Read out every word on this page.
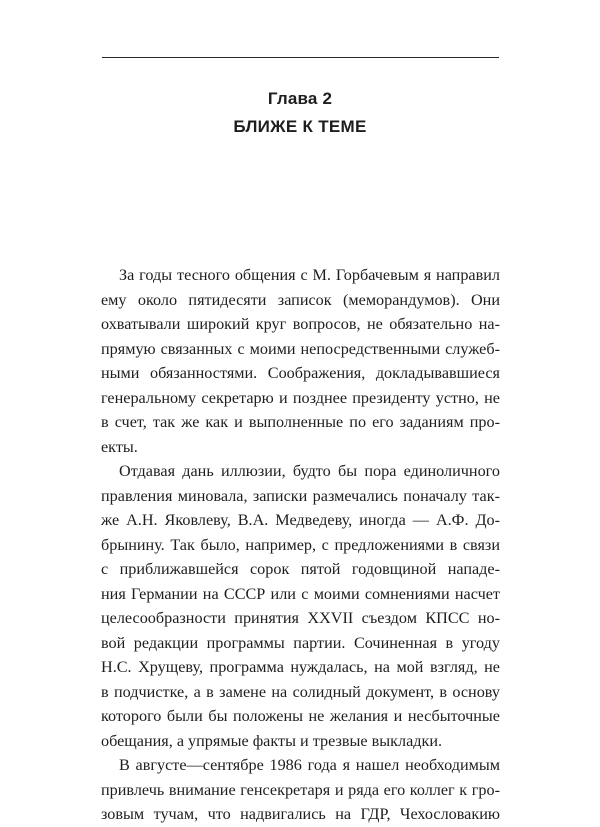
Глава 2
БЛИЖЕ К ТЕМЕ
За годы тесного общения с М. Горбачевым я направил
ему около пятидесяти записок (меморандумов). Они
охватывали широкий круг вопросов, не обязательно на-
прямую связанных с моими непосредственными служеб-
ными обязанностями. Соображения, докладывавшиеся
генеральному секретарю и позднее президенту устно, не
в счет, так же как и выполненные по его заданиям про-
екты.
Отдавая дань иллюзии, будто бы пора единоличного
правления миновала, записки размечались поначалу так-
же А.Н. Яковлеву, В.А. Медведеву, иногда — А.Ф. До-
брынину. Так было, например, с предложениями в связи
с приближавшейся сорок пятой годовщиной нападе-
ния Германии на СССР или с моими сомнениями насчет
целесообразности принятия XXVII съездом КПСС но-
вой редакции программы партии. Сочиненная в угоду
Н.С. Хрущеву, программа нуждалась, на мой взгляд, не
в подчистке, а в замене на солидный документ, в основу
которого были бы положены не желания и несбыточные
обещания, а упрямые факты и трезвые выкладки.
В августе—сентябре 1986 года я нашел необходимым
привлечь внимание генсекретаря и ряда его коллег к гро-
зовым тучам, что надвигались на ГДР, Чехословакию
